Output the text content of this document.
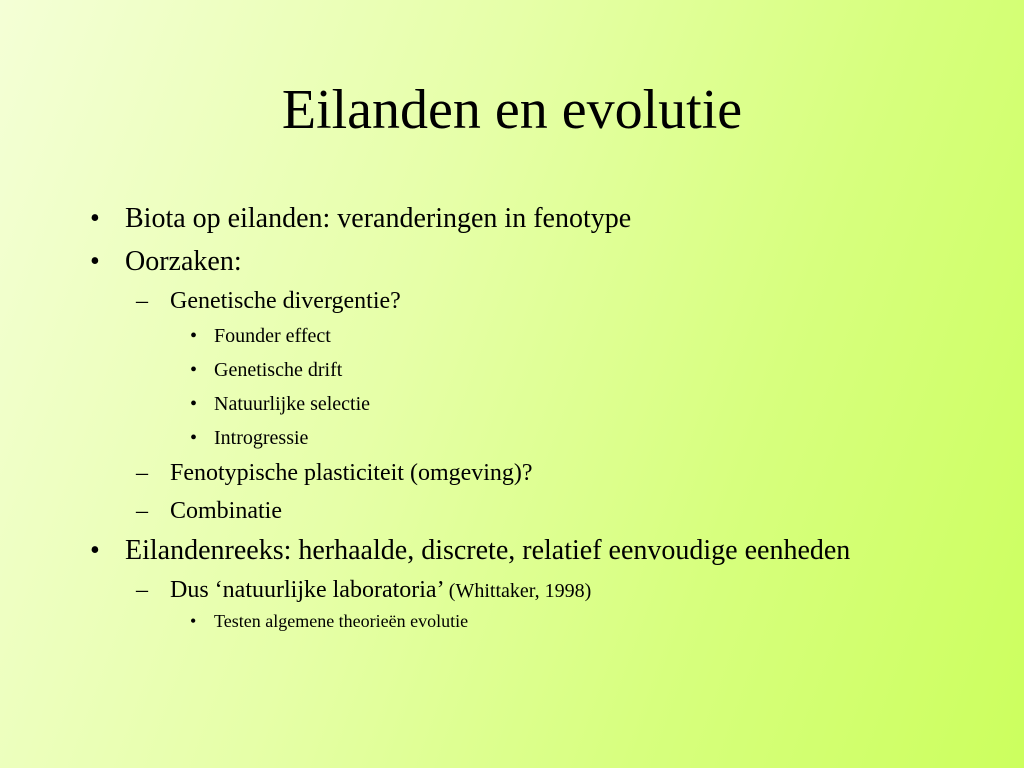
Eilanden en evolutie
• Biota op eilanden: veranderingen in fenotype
• Oorzaken:
– Genetische divergentie?
• Founder effect
• Genetische drift
• Natuurlijke selectie
• Introgressie
– Fenotypische plasticiteit (omgeving)?
– Combinatie
• Eilandenreeks: herhaalde, discrete, relatief eenvoudige eenheden
– Dus ‘natuurlijke laboratoria’ (Whittaker, 1998)
• Testen algemene theorieën evolutie
